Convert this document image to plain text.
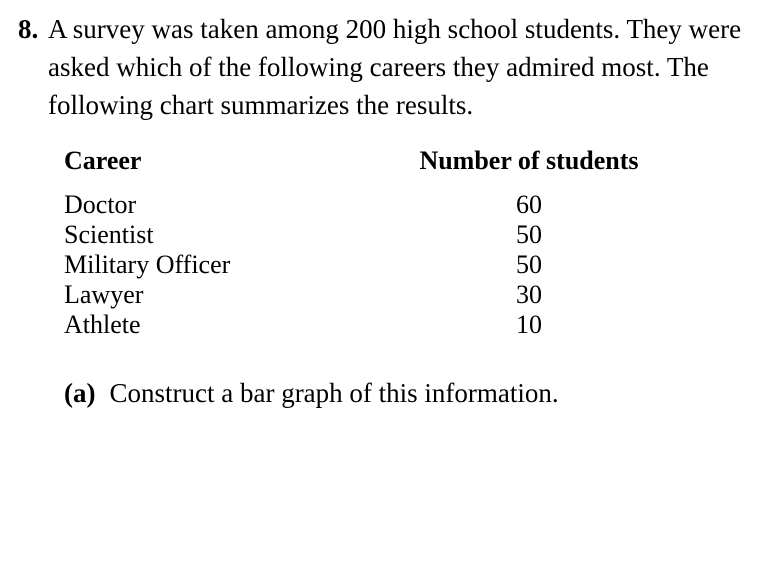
8. A survey was taken among 200 high school students. They were asked which of the following careers they admired most. The following chart summarizes the results.

Career	Number of students

Doctor	60
Scientist	50
Military Officer	50
Lawyer	30
Athlete	10

(a) Construct a bar graph of this information.
